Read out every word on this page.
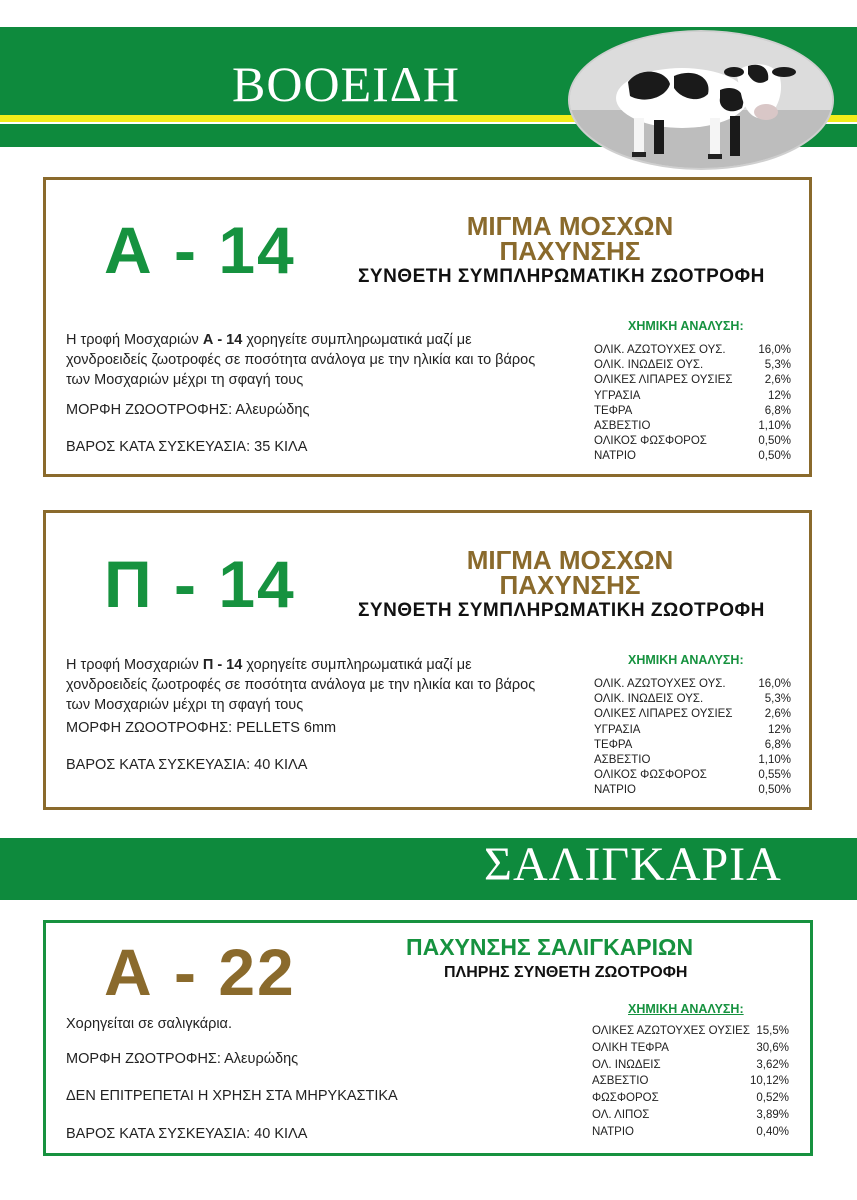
ΒΟΟΕΙΔΗ
Α - 14	ΜΙΓΜΑ ΜΟΣΧΩΝ
ΠΑΧΥΝΣΗΣ
ΣΥΝΘΕΤΗ ΣΥΜΠΛΗΡΩΜΑΤΙΚΗ ΖΩΟΤΡΟΦΗ
Η τροφή Μοσχαριών Α - 14 χορηγείτε συμπληρωματικά μαζί με χονδροειδείς ζωοτροφές σε ποσότητα ανάλογα με την ηλικία και το βάρος των Μοσχαριών μέχρι τη σφαγή τους
ΜΟΡΦΗ ΖΩΟΟΤΡΟΦΗΣ: Αλευρώδης
ΒΑΡΟΣ ΚΑΤΑ ΣΥΣΚΕΥΑΣΙΑ: 35 ΚΙΛΑ
ΧΗΜΙΚΗ ΑΝΑΛΥΣΗ:
ΟΛΙΚ. ΑΖΩΤΟΥΧΕΣ ΟΥΣ.	16,0%
ΟΛΙΚ. ΙΝΩΔΕΙΣ ΟΥΣ.	5,3%
ΟΛΙΚΕΣ ΛΙΠΑΡΕΣ ΟΥΣΙΕΣ	2,6%
ΥΓΡΑΣΙΑ	12%
ΤΕΦΡΑ	6,8%
ΑΣΒΕΣΤΙΟ	1,10%
ΟΛΙΚΟΣ ΦΩΣΦΟΡΟΣ	0,50%
ΝΑΤΡΙΟ	0,50%
Π - 14	ΜΙΓΜΑ ΜΟΣΧΩΝ
ΠΑΧΥΝΣΗΣ
ΣΥΝΘΕΤΗ ΣΥΜΠΛΗΡΩΜΑΤΙΚΗ ΖΩΟΤΡΟΦΗ
Η τροφή Μοσχαριών Π - 14 χορηγείτε συμπληρωματικά μαζί με χονδροειδείς ζωοτροφές σε ποσότητα ανάλογα με την ηλικία και το βάρος των Μοσχαριών μέχρι τη σφαγή τους
ΜΟΡΦΗ ΖΩΟΟΤΡΟΦΗΣ: PELLETS 6mm
ΒΑΡΟΣ ΚΑΤΑ ΣΥΣΚΕΥΑΣΙΑ: 40 ΚΙΛΑ
ΧΗΜΙΚΗ ΑΝΑΛΥΣΗ:
ΟΛΙΚ. ΑΖΩΤΟΥΧΕΣ ΟΥΣ.	16,0%
ΟΛΙΚ. ΙΝΩΔΕΙΣ ΟΥΣ.	5,3%
ΟΛΙΚΕΣ ΛΙΠΑΡΕΣ ΟΥΣΙΕΣ	2,6%
ΥΓΡΑΣΙΑ	12%
ΤΕΦΡΑ	6,8%
ΑΣΒΕΣΤΙΟ	1,10%
ΟΛΙΚΟΣ ΦΩΣΦΟΡΟΣ	0,55%
ΝΑΤΡΙΟ	0,50%
ΣΑΛΙΓΚΑΡΙΑ
Α - 22	ΠΑΧΥΝΣΗΣ ΣΑΛΙΓΚΑΡΙΩΝ
ΠΛΗΡΗΣ ΣΥΝΘΕΤΗ ΖΩΟΤΡΟΦΗ
Χορηγείται σε σαλιγκάρια.
ΜΟΡΦΗ ΖΩΟΤΡΟΦΗΣ: Αλευρώδης
ΔΕΝ ΕΠΙΤΡΕΠΕΤΑΙ Η ΧΡΗΣΗ ΣΤΑ ΜΗΡΥΚΑΣΤΙΚΑ
ΒΑΡΟΣ ΚΑΤΑ ΣΥΣΚΕΥΑΣΙΑ: 40 ΚΙΛΑ
ΧΗΜΙΚΗ ΑΝΑΛΥΣΗ:
ΟΛΙΚΕΣ ΑΖΩΤΟΥΧΕΣ ΟΥΣΙΕΣ 15,5%
ΟΛΙΚΗ ΤΕΦΡΑ	30,6%
ΟΛ. ΙΝΩΔΕΙΣ	3,62%
ΑΣΒΕΣΤΙΟ	10,12%
ΦΩΣΦΟΡΟΣ	0,52%
ΟΛ. ΛΙΠΟΣ	3,89%
ΝΑΤΡΙΟ	0,40%
